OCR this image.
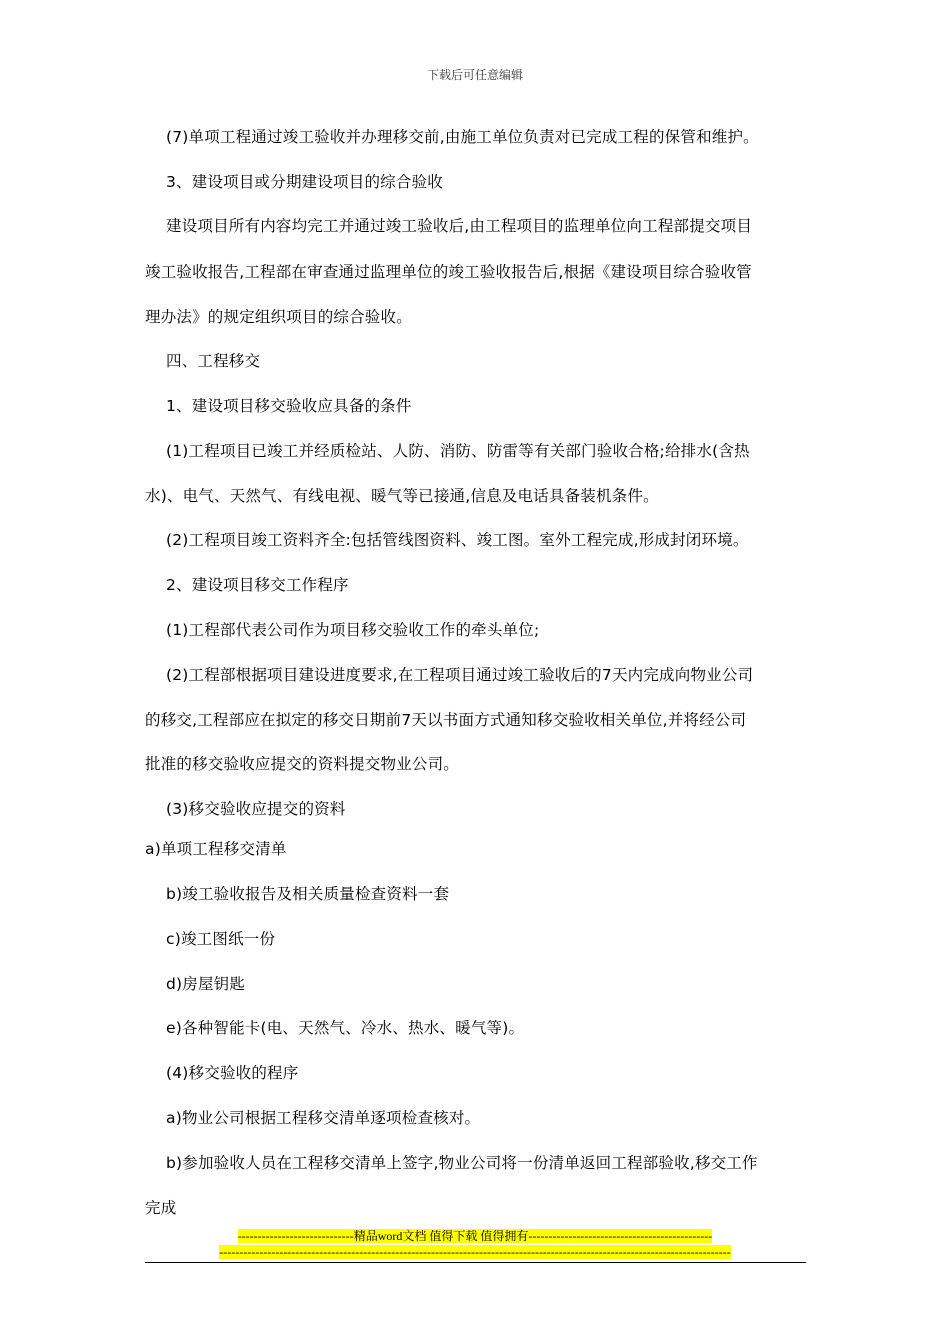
下载后可任意编辑
(7)单项工程通过竣工验收并办理移交前,由施工单位负责对已完成工程的保管和维护。
3、建设项目或分期建设项目的综合验收
建设项目所有内容均完工并通过竣工验收后,由工程项目的监理单位向工程部提交项目
竣工验收报告,工程部在审查通过监理单位的竣工验收报告后,根据《建设项目综合验收管
理办法》的规定组织项目的综合验收。
四、工程移交
1、建设项目移交验收应具备的条件
(1)工程项目已竣工并经质检站、人防、消防、防雷等有关部门验收合格;给排水(含热
水)、电气、天然气、有线电视、暖气等已接通,信息及电话具备装机条件。
(2)工程项目竣工资料齐全:包括管线图资料、竣工图。室外工程完成,形成封闭环境。
2、建设项目移交工作程序
(1)工程部代表公司作为项目移交验收工作的牵头单位;
(2)工程部根据项目建设进度要求,在工程项目通过竣工验收后的7天内完成向物业公司
的移交,工程部应在拟定的移交日期前7天以书面方式通知移交验收相关单位,并将经公司
批准的移交验收应提交的资料提交物业公司。
(3)移交验收应提交的资料
a)单项工程移交清单
b)竣工验收报告及相关质量检查资料一套
c)竣工图纸一份
d)房屋钥匙
e)各种智能卡(电、天然气、冷水、热水、暖气等)。
(4)移交验收的程序
a)物业公司根据工程移交清单逐项检查核对。
b)参加验收人员在工程移交清单上签字,物业公司将一份清单返回工程部验收,移交工作
完成
-----------------------------精品word文档 值得下载 值得拥有----------------------------------------------
--------------------------------------------------------------------------------------------------------------------------------
